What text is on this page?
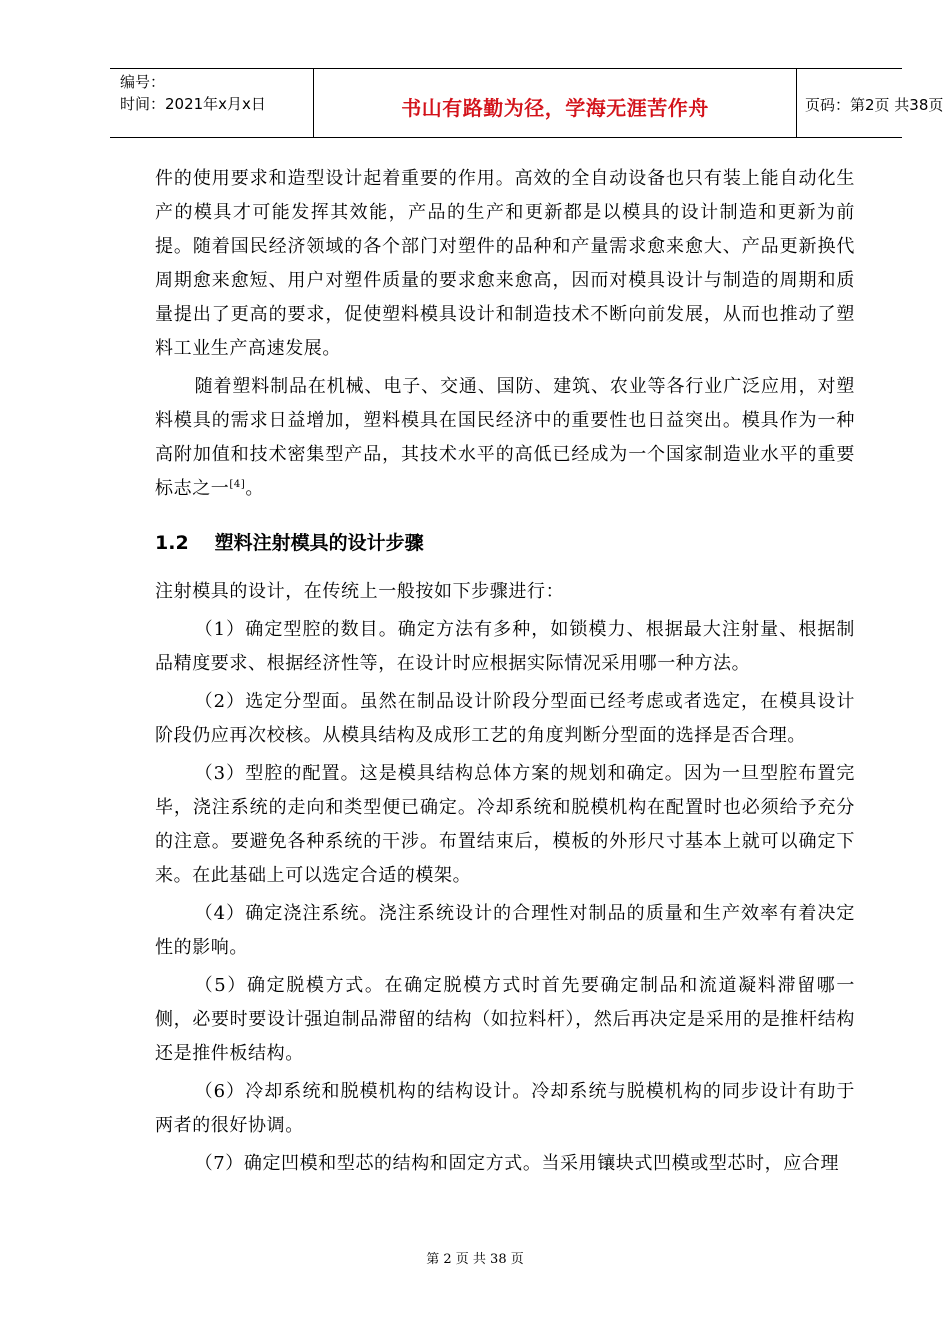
编号：
时间：2021年x月x日	书山有路勤为径，学海无涯苦作舟	页码：第2页 共38页

件的使用要求和造型设计起着重要的作用。高效的全自动设备也只有装上能自动化生产的模具才可能发挥其效能，产品的生产和更新都是以模具的设计制造和更新为前提。随着国民经济领域的各个部门对塑件的品种和产量需求愈来愈大、产品更新换代周期愈来愈短、用户对塑件质量的要求愈来愈高，因而对模具设计与制造的周期和质量提出了更高的要求，促使塑料模具设计和制造技术不断向前发展，从而也推动了塑料工业生产高速发展。

随着塑料制品在机械、电子、交通、国防、建筑、农业等各行业广泛应用，对塑料模具的需求日益增加，塑料模具在国民经济中的重要性也日益突出。模具作为一种高附加值和技术密集型产品，其技术水平的高低已经成为一个国家制造业水平的重要标志之一[4]。

1.2 塑料注射模具的设计步骤

注射模具的设计，在传统上一般按如下步骤进行：

（1）确定型腔的数目。确定方法有多种，如锁模力、根据最大注射量、根据制品精度要求、根据经济性等，在设计时应根据实际情况采用哪一种方法。

（2）选定分型面。虽然在制品设计阶段分型面已经考虑或者选定，在模具设计阶段仍应再次校核。从模具结构及成形工艺的角度判断分型面的选择是否合理。

（3）型腔的配置。这是模具结构总体方案的规划和确定。因为一旦型腔布置完毕，浇注系统的走向和类型便已确定。冷却系统和脱模机构在配置时也必须给予充分的注意。要避免各种系统的干涉。布置结束后，模板的外形尺寸基本上就可以确定下来。在此基础上可以选定合适的模架。

（4）确定浇注系统。浇注系统设计的合理性对制品的质量和生产效率有着决定性的影响。

（5）确定脱模方式。在确定脱模方式时首先要确定制品和流道凝料滞留哪一侧，必要时要设计强迫制品滞留的结构（如拉料杆），然后再决定是采用的是推杆结构还是推件板结构。

（6）冷却系统和脱模机构的结构设计。冷却系统与脱模机构的同步设计有助于两者的很好协调。

（7）确定凹模和型芯的结构和固定方式。当采用镶块式凹模或型芯时，应合理

第 2 页 共 38 页
